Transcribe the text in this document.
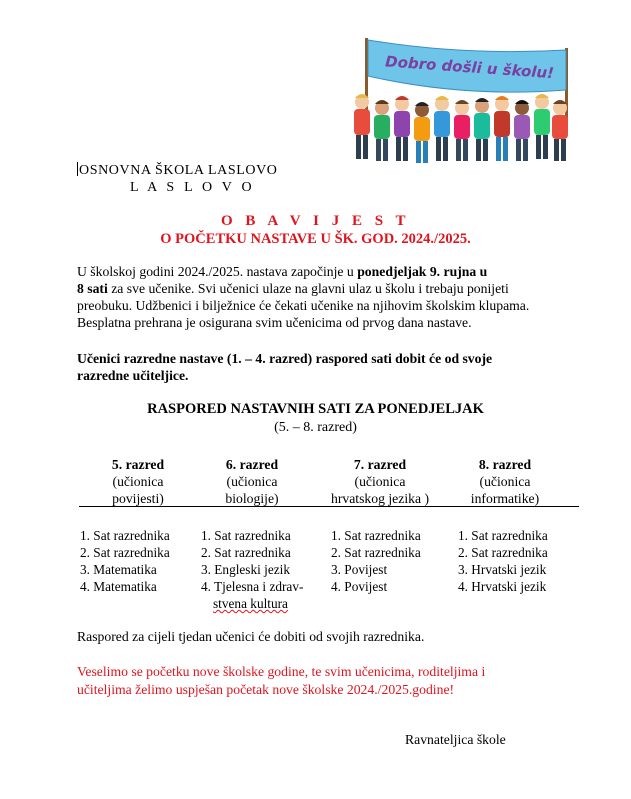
Dobro došli u školu!
OSNOVNA ŠKOLA LASLOVO
L A S L O V O
O B A V I J E S T
O POČETKU NASTAVE U ŠK. GOD. 2024./2025.
U školskoj godini 2024./2025. nastava započinje u ponedjeljak 9. rujna u
8 sati za sve učenike. Svi učenici ulaze na glavni ulaz u školu i trebaju ponijeti
preobuku. Udžbenici i bilježnice će čekati učenike na njihovim školskim klupama.
Besplatna prehrana je osigurana svim učenicima od prvog dana nastave.
Učenici razredne nastave (1. – 4. razred) raspored sati dobit će od svoje
razredne učiteljice.
RASPORED NASTAVNIH SATI ZA PONEDJELJAK
(5. – 8. razred)
5. razred
(učionica
povijesti)
6. razred
(učionica
biologije)
7. razred
(učionica
hrvatskog jezika )
8. razred
(učionica
informatike)
1. Sat razrednika
2. Sat razrednika
3. Matematika
4. Matematika
1. Sat razrednika
2. Sat razrednika
3. Engleski jezik
4. Tjelesna i zdrav-
stvena kultura
1. Sat razrednika
2. Sat razrednika
3. Povijest
4. Povijest
1. Sat razrednika
2. Sat razrednika
3. Hrvatski jezik
4. Hrvatski jezik
Raspored za cijeli tjedan učenici će dobiti od svojih razrednika.
Veselimo se početku nove školske godine, te svim učenicima, roditeljima i
učiteljima želimo uspješan početak nove školske 2024./2025.godine!
Ravnateljica škole
